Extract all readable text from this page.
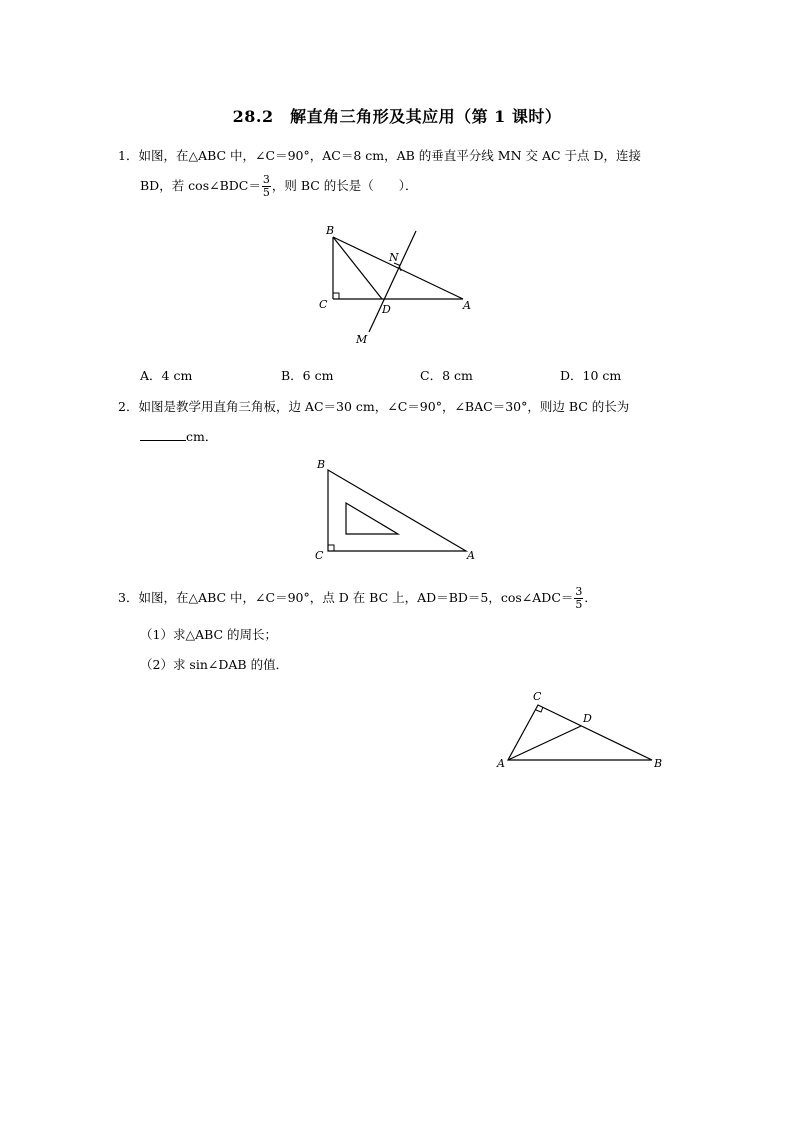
28.2　解直角三角形及其应用（第 1 课时）
1．如图，在△ABC 中，∠C＝90°，AC＝8 cm，AB 的垂直平分线 MN 交 AC 于点 D，连接
BD，若 cos∠BDC＝ $\frac{3}{5}$ ，则 BC 的长是（　　）．
B
N
C	D	A
M
A．4 cm	B．6 cm	C．8 cm	D．10 cm
2．如图是教学用直角三角板，边 AC＝30 cm，∠C＝90°，∠BAC＝30°，则边 BC 的长为
cm．
B
C	A
3．如图，在△ABC 中，∠C＝90°，点 D 在 BC 上，AD＝BD＝5，cos∠ADC＝ $\frac{3}{5}$ ．
（1）求△ABC 的周长；
（2）求 sin∠DAB 的值．
C
D
A	B
